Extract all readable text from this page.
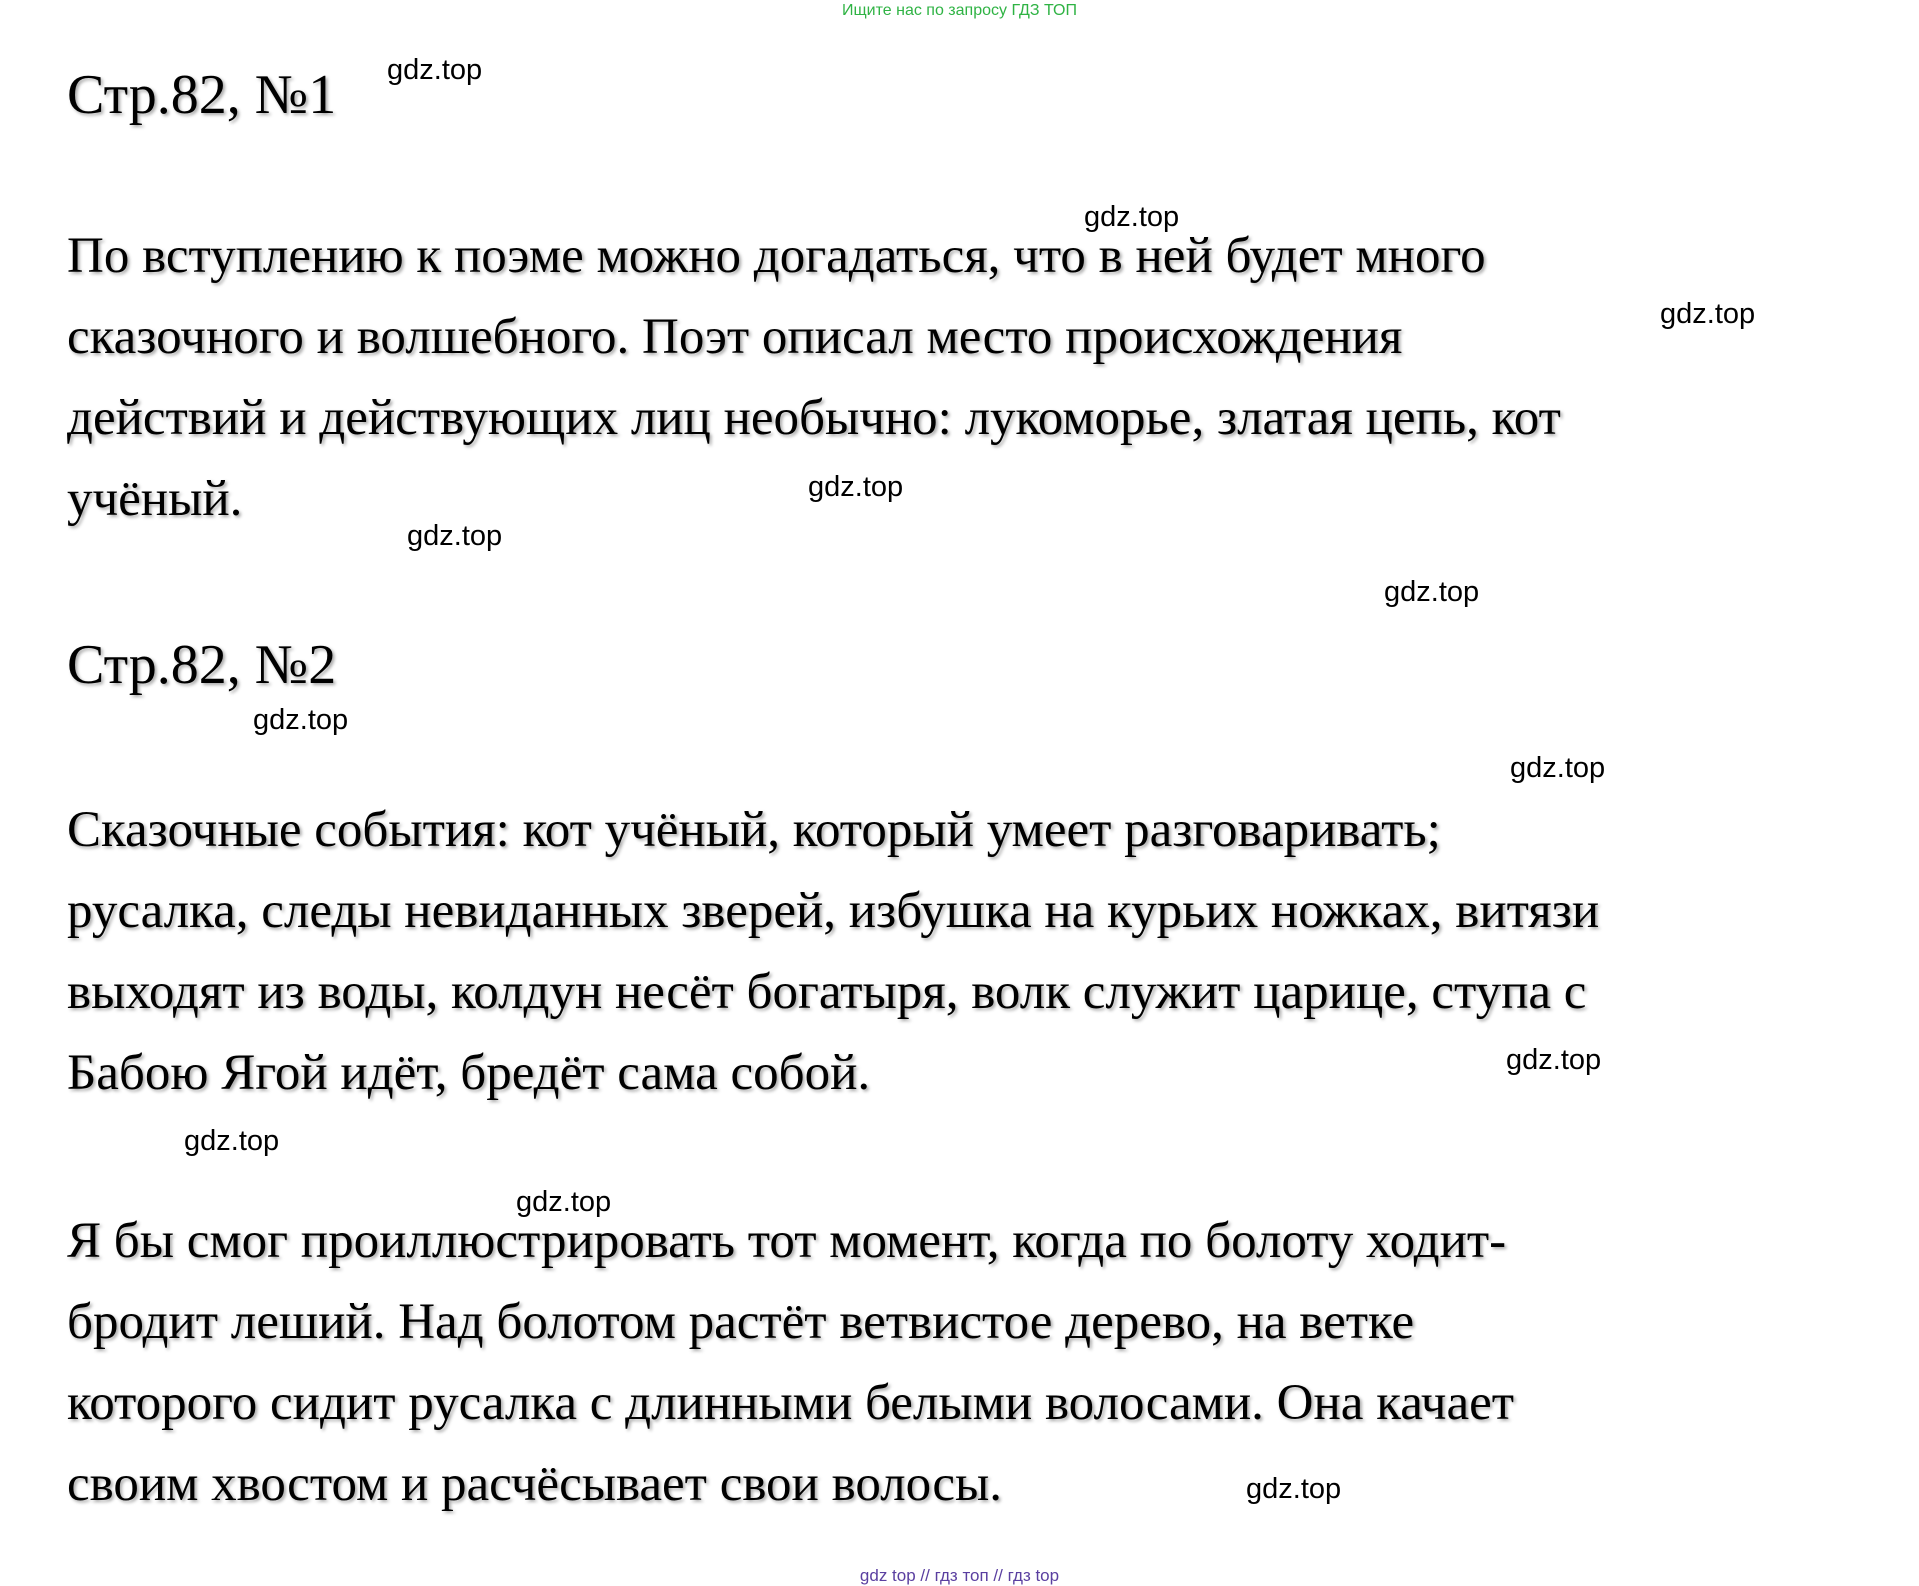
Ищите нас по запросу ГДЗ ТОП
Стр.82, №1
По вступлению к поэме можно догадаться, что в ней будет много
сказочного и волшебного. Поэт описал место происхождения
действий и действующих лиц необычно: лукоморье, златая цепь, кот
учёный.
Стр.82, №2
Сказочные события: кот учёный, который умеет разговаривать;
русалка, следы невиданных зверей, избушка на курьих ножках, витязи
выходят из воды, колдун несёт богатыря, волк служит царице, ступа с
Бабою Ягой идёт, бредёт сама собой.
Я бы смог проиллюстрировать тот момент, когда по болоту ходит-
бродит леший. Над болотом растёт ветвистое дерево, на ветке
которого сидит русалка с длинными белыми волосами. Она качает
своим хвостом и расчёсывает свои волосы.
gdz.top
gdz.top
gdz.top
gdz.top
gdz.top
gdz.top
gdz.top
gdz.top
gdz.top
gdz.top
gdz.top
gdz.top
gdz top // гдз топ // гдз top
